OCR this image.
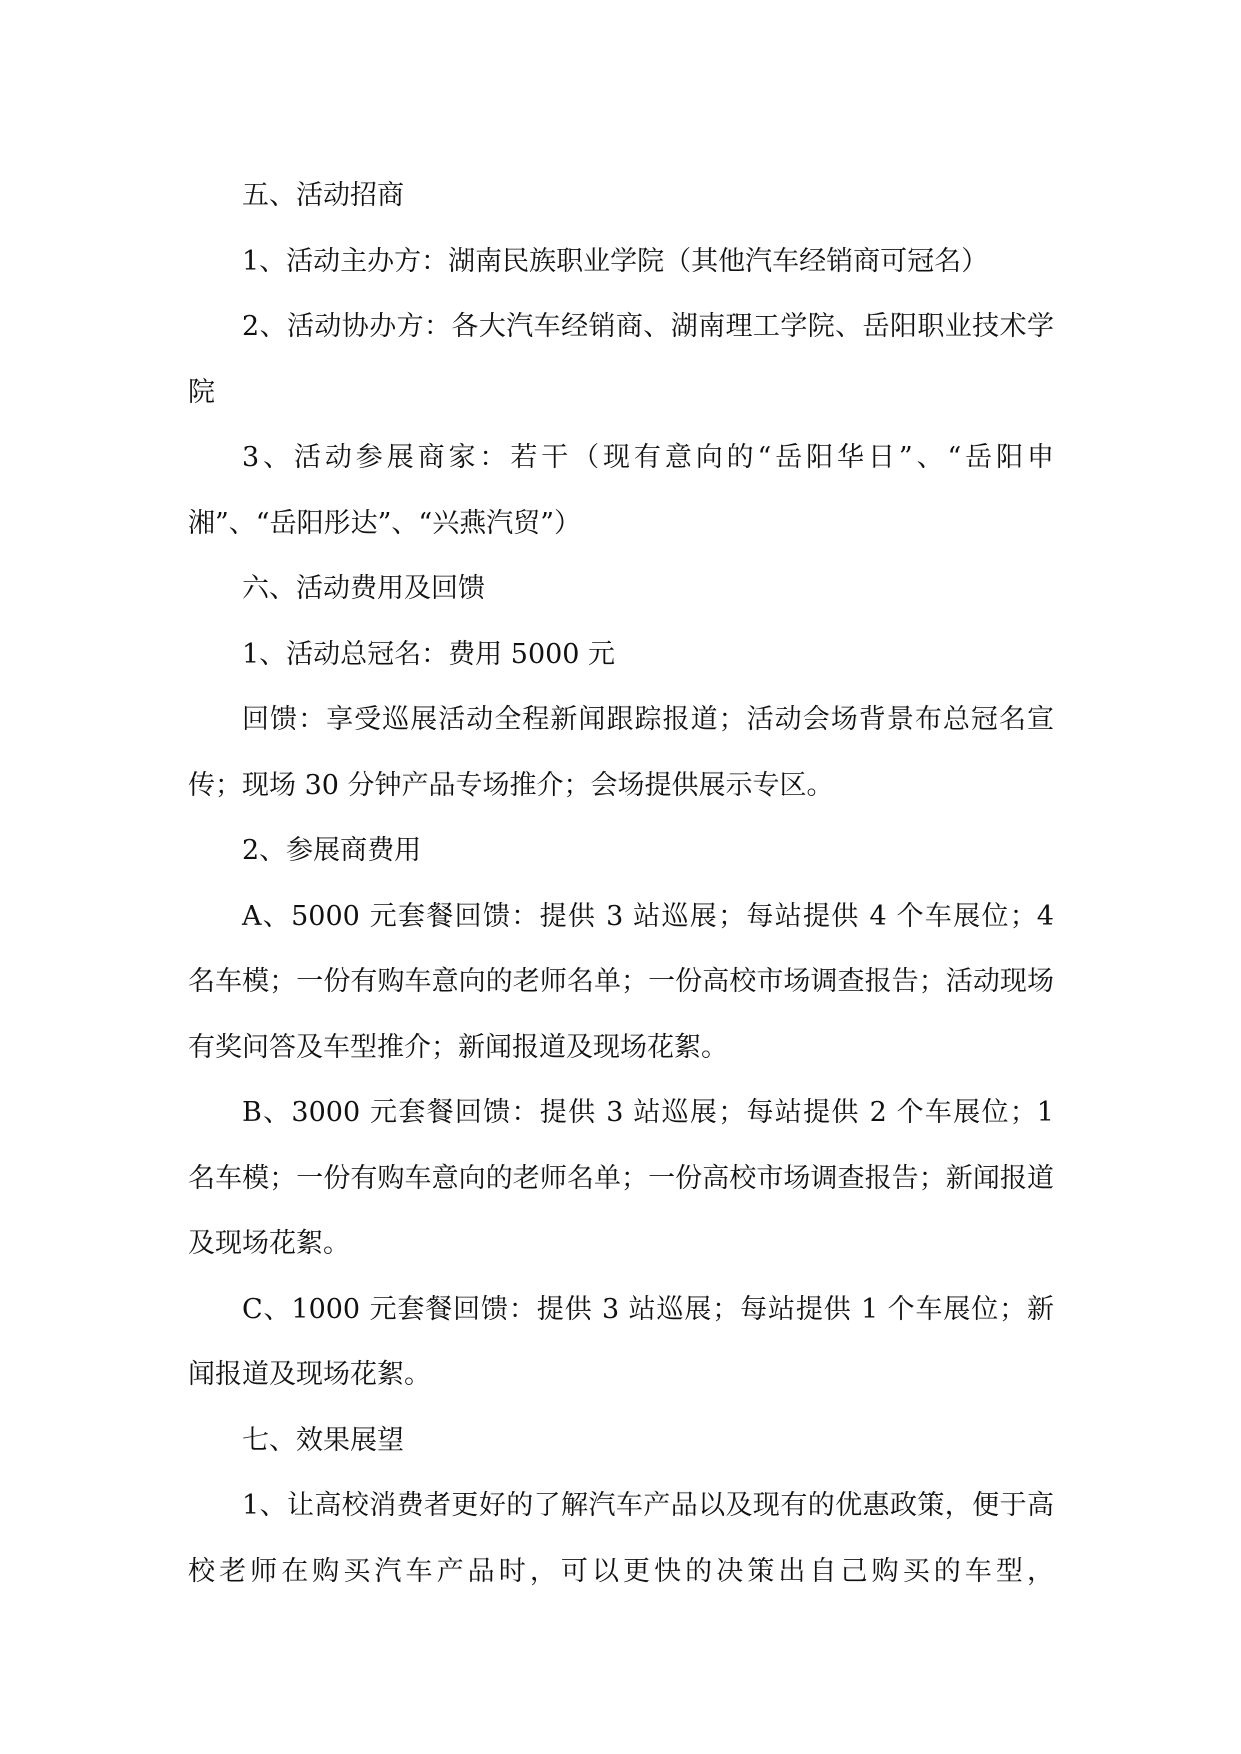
五、活动招商

1、活动主办方：湖南民族职业学院（其他汽车经销商可冠名）

2、活动协办方：各大汽车经销商、湖南理工学院、岳阳职业技术学院

3、活动参展商家：若干（现有意向的“岳阳华日”、“岳阳申湘”、“岳阳彤达”、“兴燕汽贸”）

六、活动费用及回馈

1、活动总冠名：费用 5000 元

回馈：享受巡展活动全程新闻跟踪报道；活动会场背景布总冠名宣传；现场 30 分钟产品专场推介；会场提供展示专区。

2、参展商费用

A、5000 元套餐回馈：提供 3 站巡展；每站提供 4 个车展位；4 名车模；一份有购车意向的老师名单；一份高校市场调查报告；活动现场有奖问答及车型推介；新闻报道及现场花絮。

B、3000 元套餐回馈：提供 3 站巡展；每站提供 2 个车展位；1 名车模；一份有购车意向的老师名单；一份高校市场调查报告；新闻报道及现场花絮。

C、1000 元套餐回馈：提供 3 站巡展；每站提供 1 个车展位；新闻报道及现场花絮。

七、效果展望

1、让高校消费者更好的了解汽车产品以及现有的优惠政策，便于高校老师在购买汽车产品时，可以更快的决策出自己购买的车型，
